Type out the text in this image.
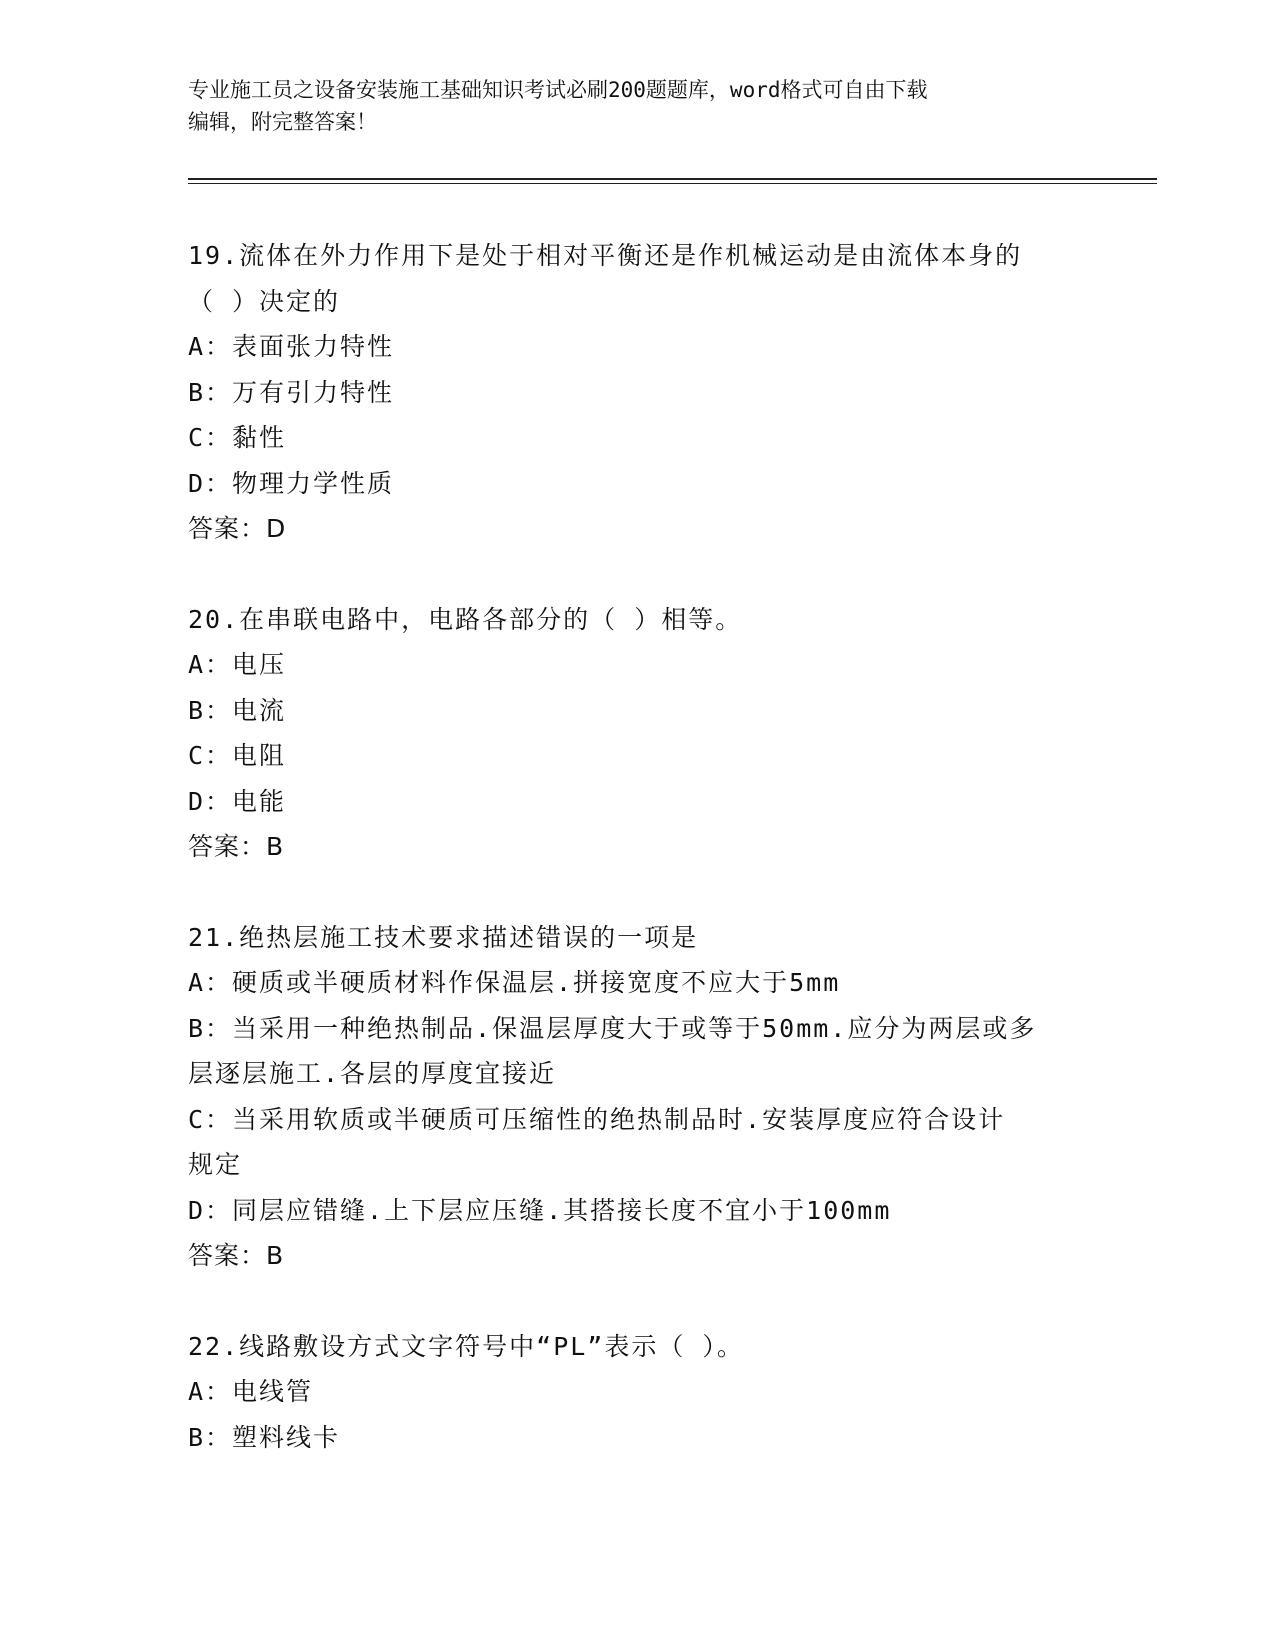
专业施工员之设备安装施工基础知识考试必刷200题题库，word格式可自由下载
编辑，附完整答案！
19.流体在外力作用下是处于相对平衡还是作机械运动是由流体本身的
（ ）决定的
A：表面张力特性
B：万有引力特性
C：黏性
D：物理力学性质
答案：D
20.在串联电路中，电路各部分的（ ）相等。
A：电压
B：电流
C：电阻
D：电能
答案：B
21.绝热层施工技术要求描述错误的一项是
A：硬质或半硬质材料作保温层.拼接宽度不应大于5mm
B：当采用一种绝热制品.保温层厚度大于或等于50mm.应分为两层或多
层逐层施工.各层的厚度宜接近
C：当采用软质或半硬质可压缩性的绝热制品时.安装厚度应符合设计
规定
D：同层应错缝.上下层应压缝.其搭接长度不宜小于100mm
答案：B
22.线路敷设方式文字符号中“PL”表示（ ）。
A：电线管
B：塑料线卡
